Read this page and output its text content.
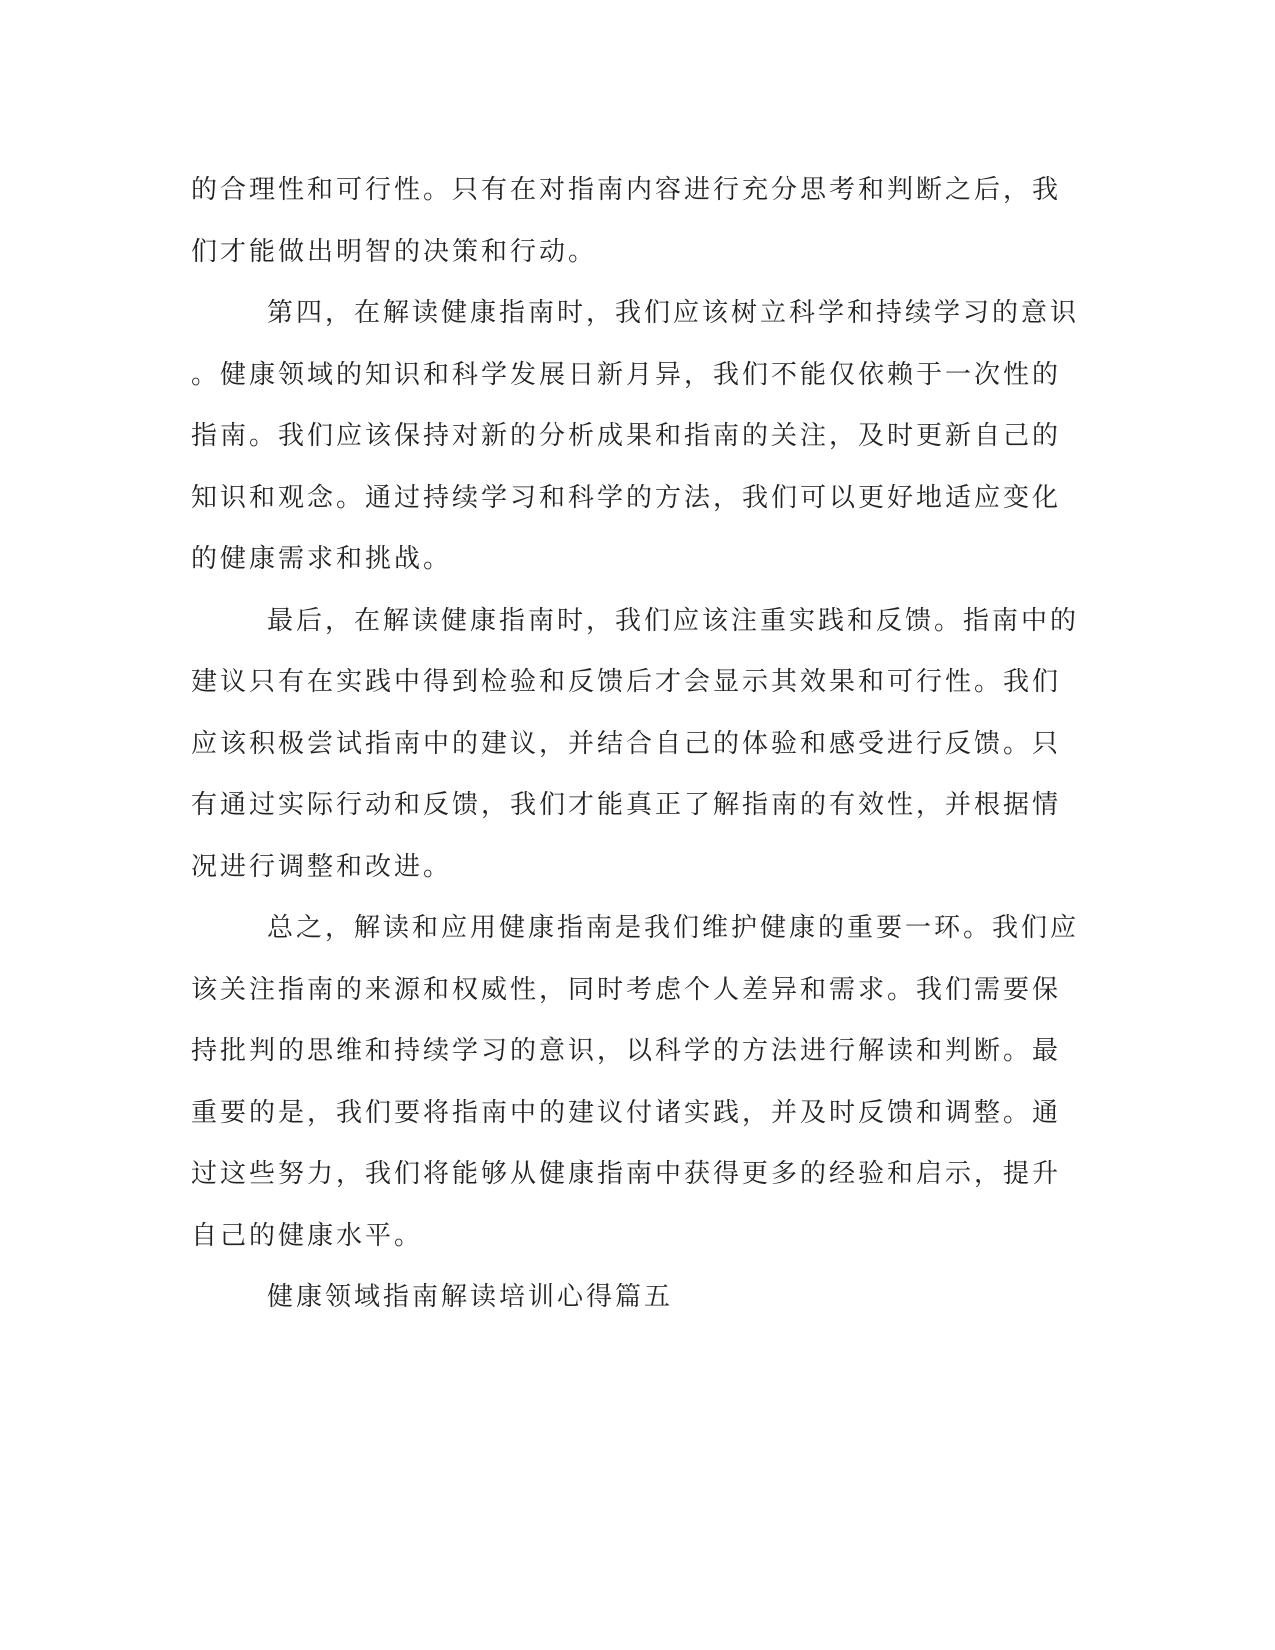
的合理性和可行性。只有在对指南内容进行充分思考和判断之后，我
们才能做出明智的决策和行动。
第四，在解读健康指南时，我们应该树立科学和持续学习的意识
。健康领域的知识和科学发展日新月异，我们不能仅依赖于一次性的
指南。我们应该保持对新的分析成果和指南的关注，及时更新自己的
知识和观念。通过持续学习和科学的方法，我们可以更好地适应变化
的健康需求和挑战。
最后，在解读健康指南时，我们应该注重实践和反馈。指南中的
建议只有在实践中得到检验和反馈后才会显示其效果和可行性。我们
应该积极尝试指南中的建议，并结合自己的体验和感受进行反馈。只
有通过实际行动和反馈，我们才能真正了解指南的有效性，并根据情
况进行调整和改进。
总之，解读和应用健康指南是我们维护健康的重要一环。我们应
该关注指南的来源和权威性，同时考虑个人差异和需求。我们需要保
持批判的思维和持续学习的意识，以科学的方法进行解读和判断。最
重要的是，我们要将指南中的建议付诸实践，并及时反馈和调整。通
过这些努力，我们将能够从健康指南中获得更多的经验和启示，提升
自己的健康水平。
健康领域指南解读培训心得篇五
